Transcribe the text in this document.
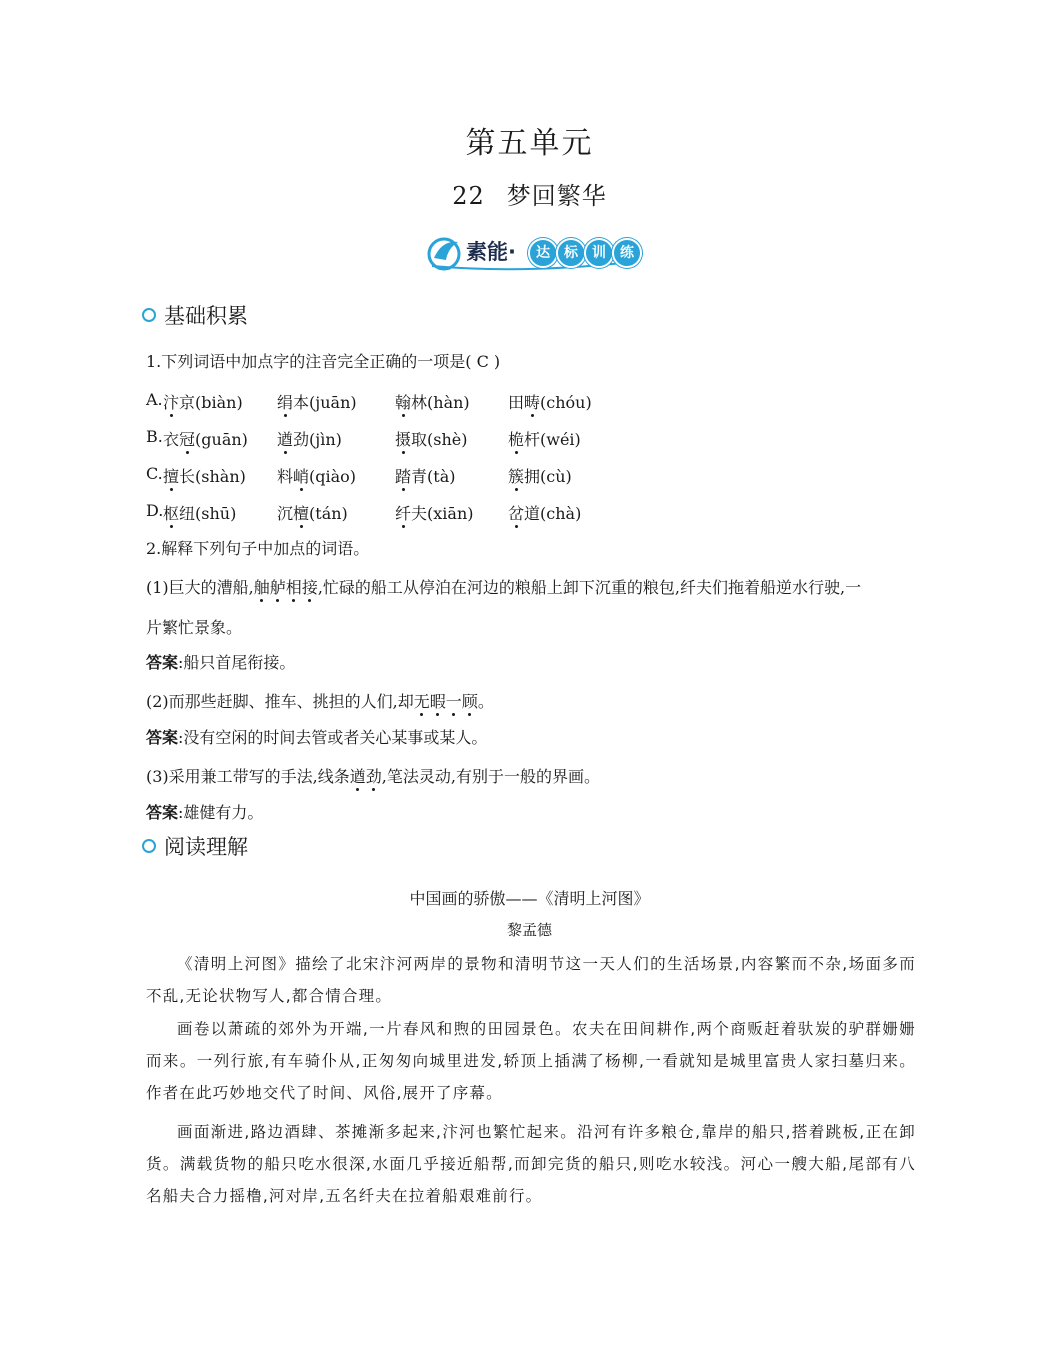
第五单元
22 梦回繁华
素能·	达	标	训	练
基础积累
1.下列词语中加点字的注音完全正确的一项是( C )
A. 汴京(biàn) 绢本(juān) 翰林(hàn) 田畴(chóu)
B. 衣冠(guān) 遒劲(jìn)	摄取(shè)	桅杆(wéi)
C. 擅长(shàn) 料峭(qiào) 踏青(tà)	簇拥(cù)
D. 枢纽(shū)	沉檀(tán)	纤夫(xiān) 岔道(chà)
2.解释下列句子中加点的词语。
(1)巨大的漕船,舳舻相接,忙碌的船工从停泊在河边的粮船上卸下沉重的粮包,纤夫们拖着船逆水行驶,一
片繁忙景象。
答案:船只首尾衔接。
(2)而那些赶脚、推车、挑担的人们,却无暇一顾。
答案:没有空闲的时间去管或者关心某事或某人。
(3)采用兼工带写的手法,线条遒劲,笔法灵动,有别于一般的界画。
答案:雄健有力。
阅读理解
中国画的骄傲——《清明上河图》
黎孟德
《清明上河图》描绘了北宋汴河两岸的景物和清明节这一天人们的生活场景,内容繁而不杂,场面多而不乱,无论状物写人,都合情合理。
画卷以萧疏的郊外为开端,一片春风和煦的田园景色。农夫在田间耕作,两个商贩赶着驮炭的驴群姗姗而来。一列行旅,有车骑仆从,正匆匆向城里进发,轿顶上插满了杨柳,一看就知是城里富贵人家扫墓归来。作者在此巧妙地交代了时间、风俗,展开了序幕。
画面渐进,路边酒肆、茶摊渐多起来,汴河也繁忙起来。沿河有许多粮仓,靠岸的船只,搭着跳板,正在卸货。满载货物的船只吃水很深,水面几乎接近船帮,而卸完货的船只,则吃水较浅。河心一艘大船,尾部有八名船夫合力摇橹,河对岸,五名纤夫在拉着船艰难前行。
